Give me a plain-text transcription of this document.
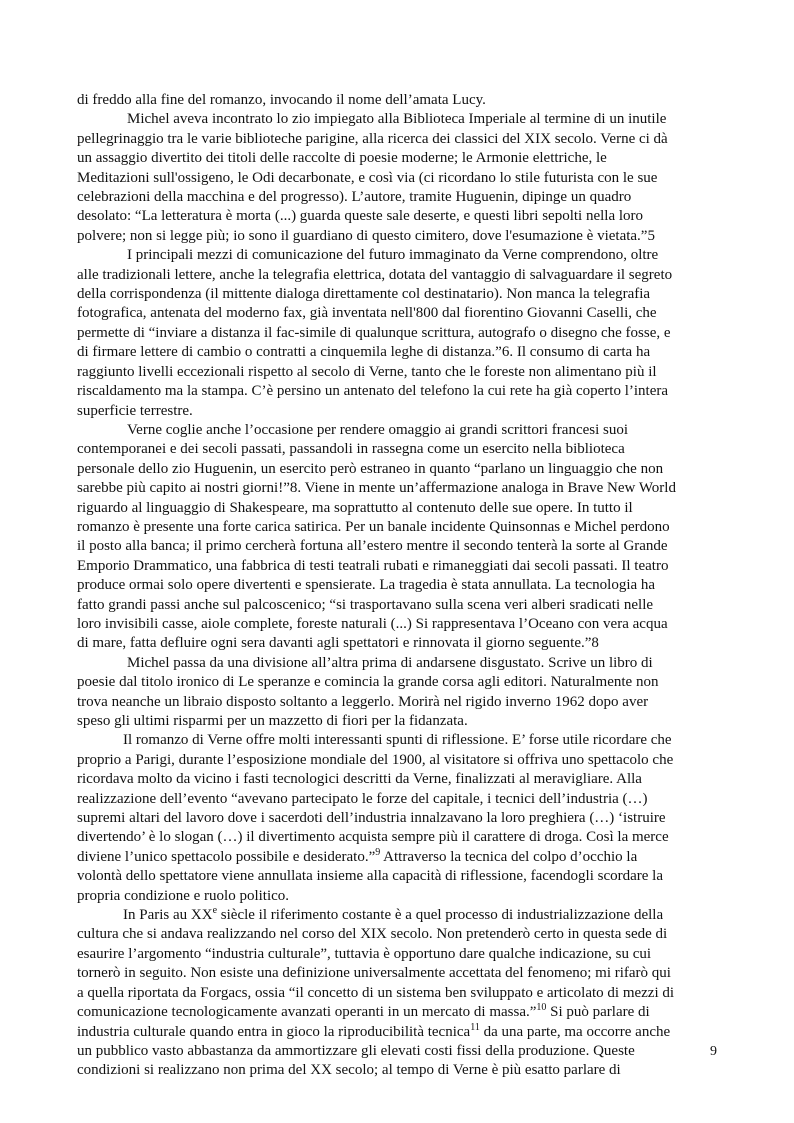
di freddo alla fine del romanzo, invocando il nome dell’amata Lucy.

Michel aveva incontrato lo zio impiegato alla Biblioteca Imperiale al termine di un inutile
pellegrinaggio tra le varie biblioteche parigine, alla ricerca dei classici del XIX secolo. Verne ci dà
un assaggio divertito dei titoli delle raccolte di poesie moderne; le Armonie elettriche, le
Meditazioni sull'ossigeno, le Odi decarbonate, e così via (ci ricordano lo stile futurista con le sue
celebrazioni della macchina e del progresso). L’autore, tramite Huguenin, dipinge un quadro
desolato: “La letteratura è morta (...) guarda queste sale deserte, e questi libri sepolti nella loro
polvere; non si legge più; io sono il guardiano di questo cimitero, dove l'esumazione è vietata.”5

I principali mezzi di comunicazione del futuro immaginato da Verne comprendono, oltre
alle tradizionali lettere, anche la telegrafia elettrica, dotata del vantaggio di salvaguardare il segreto
della corrispondenza (il mittente dialoga direttamente col destinatario). Non manca la telegrafia
fotografica, antenata del moderno fax, già inventata nell'800 dal fiorentino Giovanni Caselli, che
permette di “inviare a distanza il fac-simile di qualunque scrittura, autografo o disegno che fosse, e
di firmare lettere di cambio o contratti a cinquemila leghe di distanza.”6. Il consumo di carta ha
raggiunto livelli eccezionali rispetto al secolo di Verne, tanto che le foreste non alimentano più il
riscaldamento ma la stampa. C’è persino un antenato del telefono la cui rete ha già coperto l’intera
superficie terrestre.

Verne coglie anche l’occasione per rendere omaggio ai grandi scrittori francesi suoi
contemporanei e dei secoli passati, passandoli in rassegna come un esercito nella biblioteca
personale dello zio Huguenin, un esercito però estraneo in quanto “parlano un linguaggio che non
sarebbe più capito ai nostri giorni!”8. Viene in mente un’affermazione analoga in Brave New World
riguardo al linguaggio di Shakespeare, ma soprattutto al contenuto delle sue opere. In tutto il
romanzo è presente una forte carica satirica. Per un banale incidente Quinsonnas e Michel perdono
il posto alla banca; il primo cercherà fortuna all’estero mentre il secondo tenterà la sorte al Grande
Emporio Drammatico, una fabbrica di testi teatrali rubati e rimaneggiati dai secoli passati. Il teatro
produce ormai solo opere divertenti e spensierate. La tragedia è stata annullata. La tecnologia ha
fatto grandi passi anche sul palcoscenico; “si trasportavano sulla scena veri alberi sradicati nelle
loro invisibili casse, aiole complete, foreste naturali (...) Si rappresentava l’Oceano con vera acqua
di mare, fatta defluire ogni sera davanti agli spettatori e rinnovata il giorno seguente.”8

Michel passa da una divisione all’altra prima di andarsene disgustato. Scrive un libro di
poesie dal titolo ironico di Le speranze e comincia la grande corsa agli editori. Naturalmente non
trova neanche un libraio disposto soltanto a leggerlo. Morirà nel rigido inverno 1962 dopo aver
speso gli ultimi risparmi per un mazzetto di fiori per la fidanzata.

Il romanzo di Verne offre molti interessanti spunti di riflessione. E’ forse utile ricordare che
proprio a Parigi, durante l’esposizione mondiale del 1900, al visitatore si offriva uno spettacolo che
ricordava molto da vicino i fasti tecnologici descritti da Verne, finalizzati al meravigliare. Alla
realizzazione dell’evento “avevano partecipato le forze del capitale, i tecnici dell’industria (…)
supremi altari del lavoro dove i sacerdoti dell’industria innalzavano la loro preghiera (…) ‘istruire
divertendo’ è lo slogan (…) il divertimento acquista sempre più il carattere di droga. Così la merce
diviene l’unico spettacolo possibile e desiderato.”$^9$ Attraverso la tecnica del colpo d’occhio la
volontà dello spettatore viene annullata insieme alla capacità di riflessione, facendogli scordare la
propria condizione e ruolo politico.

In Paris au XXe siècle il riferimento costante è a quel processo di industrializzazione della
cultura che si andava realizzando nel corso del XIX secolo. Non pretenderò certo in questa sede di
esaurire l’argomento “industria culturale”, tuttavia è opportuno dare qualche indicazione, su cui
tornerò in seguito. Non esiste una definizione universalmente accettata del fenomeno; mi rifarò qui
a quella riportata da Forgacs, ossia “il concetto di un sistema ben sviluppato e articolato di mezzi di
comunicazione tecnologicamente avanzati operanti in un mercato di massa.”$^{10}$ Si può parlare di
industria culturale quando entra in gioco la riproducibilità tecnica$^{11}$ da una parte, ma occorre anche
un pubblico vasto abbastanza da ammortizzare gli elevati costi fissi della produzione. Queste
condizioni si realizzano non prima del XX secolo; al tempo di Verne è più esatto parlare di

9
